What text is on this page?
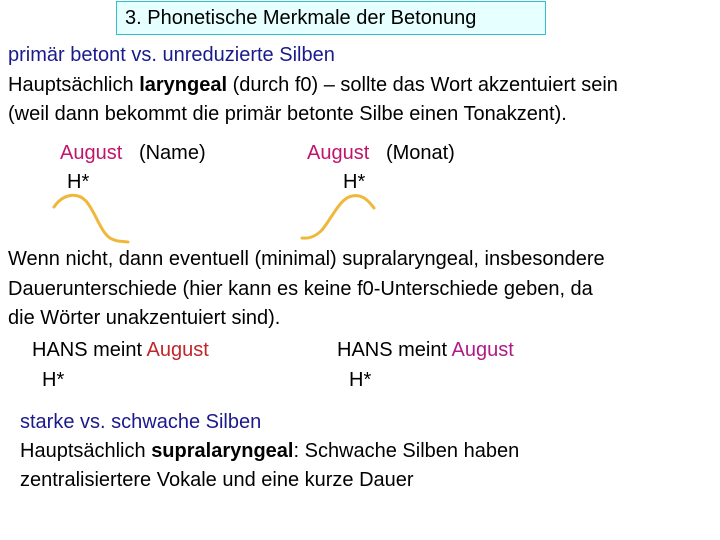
3. Phonetische Merkmale der Betonung
primär betont vs. unreduzierte Silben
Hauptsächlich laryngeal (durch f0) – sollte das Wort akzentuiert sein
(weil dann bekommt die primär betonte Silbe einen Tonakzent).
August (Name)
H*
August (Monat)
H*
Wenn nicht, dann eventuell (minimal) supralaryngeal, insbesondere
Dauerunterschiede (hier kann es keine f0-Unterschiede geben, da
die Wörter unakzentuiert sind).
HANS meint August
H*
HANS meint August
H*
starke vs. schwache Silben
Hauptsächlich supralaryngeal: Schwache Silben haben
zentralisiertere Vokale und eine kurze Dauer
